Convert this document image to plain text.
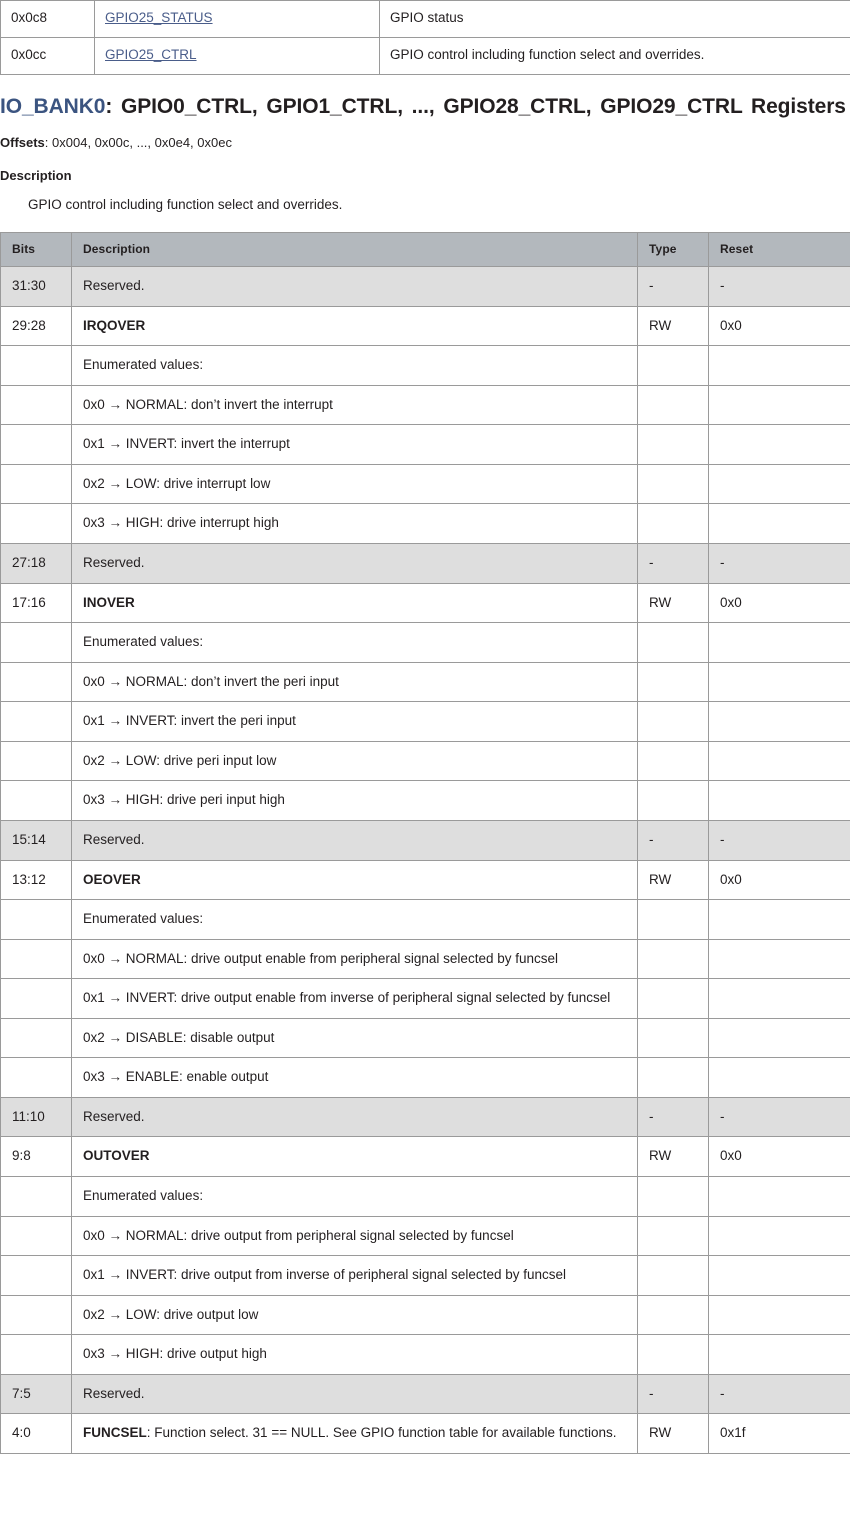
0x0c8	GPIO25_STATUS	GPIO status
0x0cc	GPIO25_CTRL	GPIO control including function select and overrides.
IO_BANK0: GPIO0_CTRL, GPIO1_CTRL, ..., GPIO28_CTRL, GPIO29_CTRL Registers

Offsets: 0x004, 0x00c, ..., 0x0e4, 0x0ec

Description

GPIO control including function select and overrides.

Bits	Description	Type	Reset
31:30	Reserved.	-	-
29:28	IRQOVER	RW	0x0
	Enumerated values:		
	0x0 → NORMAL: don’t invert the interrupt		
	0x1 → INVERT: invert the interrupt		
	0x2 → LOW: drive interrupt low		
	0x3 → HIGH: drive interrupt high		
27:18	Reserved.	-	-
17:16	INOVER	RW	0x0
	Enumerated values:		
	0x0 → NORMAL: don’t invert the peri input		
	0x1 → INVERT: invert the peri input		
	0x2 → LOW: drive peri input low		
	0x3 → HIGH: drive peri input high		
15:14	Reserved.	-	-
13:12	OEOVER	RW	0x0
	Enumerated values:		
	0x0 → NORMAL: drive output enable from peripheral signal selected by funcsel		
	0x1 → INVERT: drive output enable from inverse of peripheral signal selected by funcsel		
	0x2 → DISABLE: disable output		
	0x3 → ENABLE: enable output		
11:10	Reserved.	-	-
9:8	OUTOVER	RW	0x0
	Enumerated values:		
	0x0 → NORMAL: drive output from peripheral signal selected by funcsel		
	0x1 → INVERT: drive output from inverse of peripheral signal selected by funcsel		
	0x2 → LOW: drive output low		
	0x3 → HIGH: drive output high		
7:5	Reserved.	-	-
4:0	FUNCSEL: Function select. 31 == NULL. See GPIO function table for available functions.	RW	0x1f
